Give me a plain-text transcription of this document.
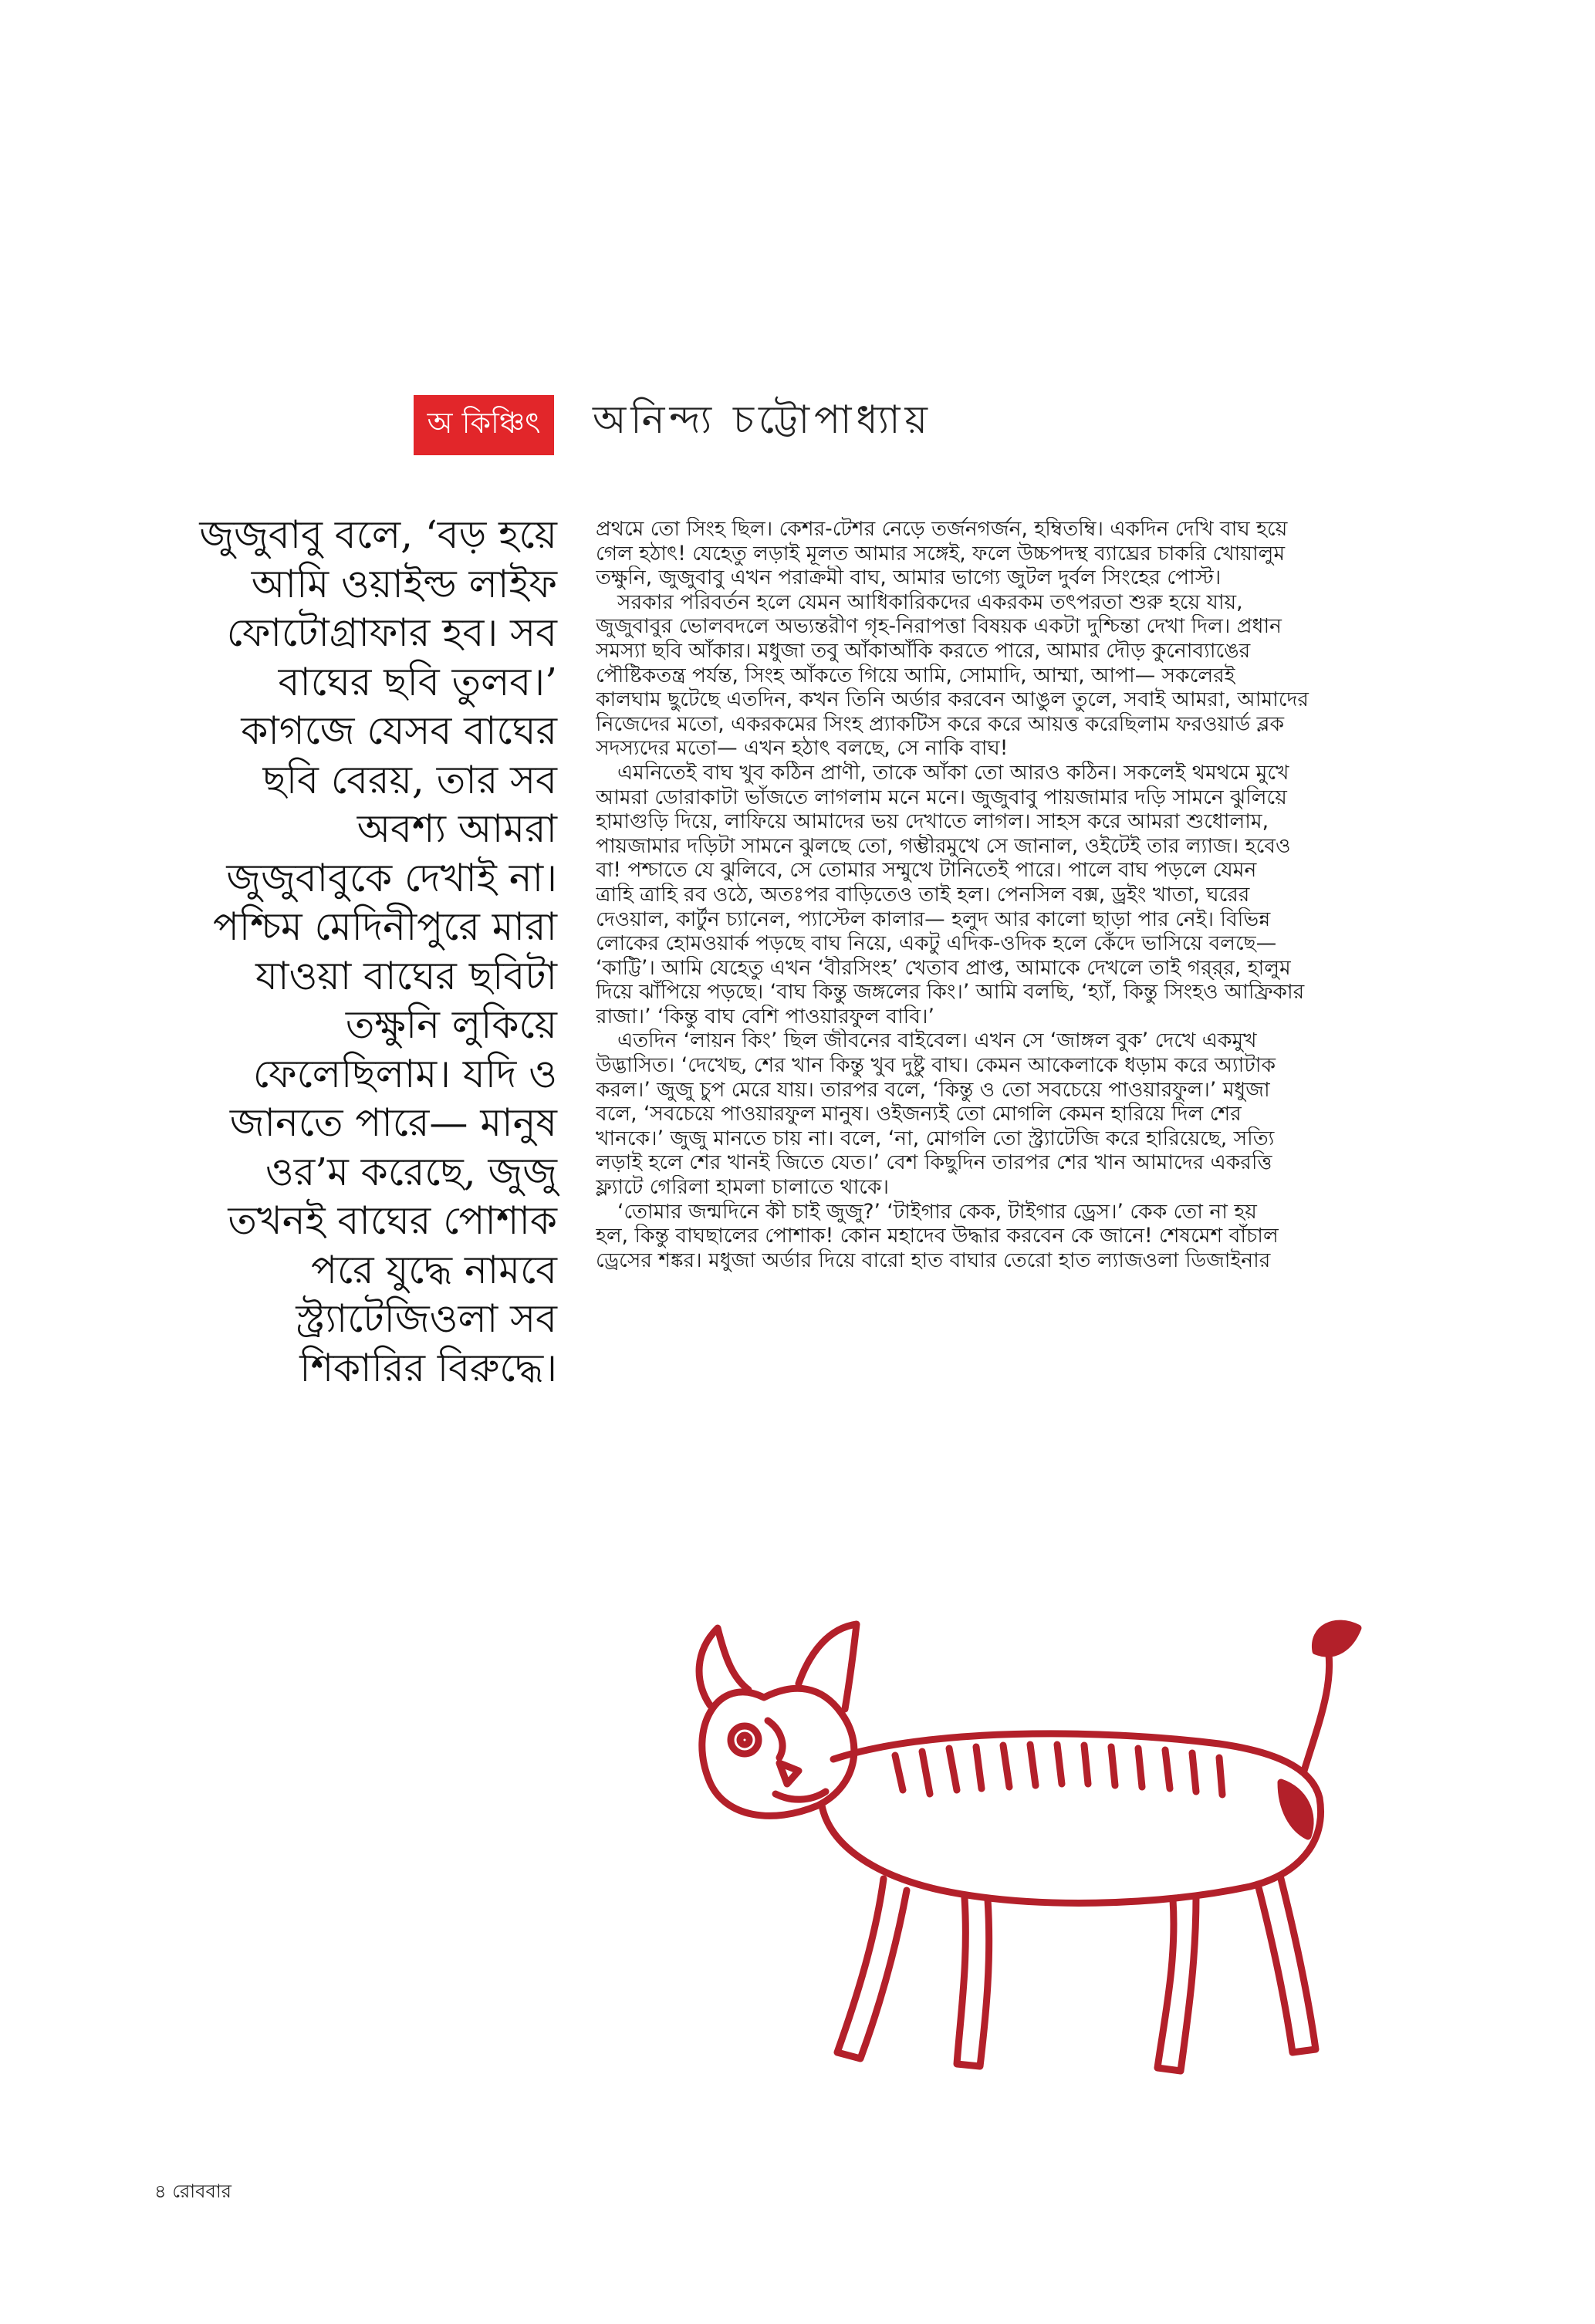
অ কিঞ্চিৎ	অনিন্দ্য চট্টোপাধ্যায়
জুজুবাবু বলে, ‘বড় হয়ে
আমি ওয়াইল্ড লাইফ
ফোটোগ্রাফার হব। সব
বাঘের ছবি তুলব।’
কাগজে যেসব বাঘের
ছবি বেরয়, তার সব
অবশ্য আমরা
জুজুবাবুকে দেখাই না।
পশ্চিম মেদিনীপুরে মারা
যাওয়া বাঘের ছবিটা
তক্ষুনি লুকিয়ে
ফেলেছিলাম। যদি ও
জানতে পারে— মানুষ
ওর’ম করেছে, জুজু
তখনই বাঘের পোশাক
পরে যুদ্ধে নামবে
স্ট্র্যাটেজিওলা সব
শিকারির বিরুদ্ধে।
প্রথমে তো সিংহ ছিল। কেশর-টেশর নেড়ে তর্জনগর্জন, হম্বিতম্বি। একদিন দেখি বাঘ হয়ে
গেল হঠাৎ! যেহেতু লড়াই মূলত আমার সঙ্গেই, ফলে উচ্চপদস্থ ব্যাঘ্রের চাকরি খোয়ালুম
তক্ষুনি, জুজুবাবু এখন পরাক্রমী বাঘ, আমার ভাগ্যে জুটল দুর্বল সিংহের পোস্ট।
সরকার পরিবর্তন হলে যেমন আধিকারিকদের একরকম তৎপরতা শুরু হয়ে যায়,
জুজুবাবুর ভোলবদলে অভ্যন্তরীণ গৃহ-নিরাপত্তা বিষয়ক একটা দুশ্চিন্তা দেখা দিল। প্রধান
সমস্যা ছবি আঁকার। মধুজা তবু আঁকাআঁকি করতে পারে, আমার দৌড় কুনোব্যাঙের
পৌষ্টিকতন্ত্র পর্যন্ত, সিংহ আঁকতে গিয়ে আমি, সোমাদি, আম্মা, আপা— সকলেরই
কালঘাম ছুটেছে এতদিন, কখন তিনি অর্ডার করবেন আঙুল তুলে, সবাই আমরা, আমাদের
নিজেদের মতো, একরকমের সিংহ প্র্যাকটিস করে করে আয়ত্ত করেছিলাম ফরওয়ার্ড ব্লক
সদস্যদের মতো— এখন হঠাৎ বলছে, সে নাকি বাঘ!
এমনিতেই বাঘ খুব কঠিন প্রাণী, তাকে আঁকা তো আরও কঠিন। সকলেই থমথমে মুখে
আমরা ডোরাকাটা ভাঁজতে লাগলাম মনে মনে। জুজুবাবু পায়জামার দড়ি সামনে ঝুলিয়ে
হামাগুড়ি দিয়ে, লাফিয়ে আমাদের ভয় দেখাতে লাগল। সাহস করে আমরা শুধোলাম,
পায়জামার দড়িটা সামনে ঝুলছে তো, গম্ভীরমুখে সে জানাল, ওইটেই তার ল্যাজ। হবেও
বা! পশ্চাতে যে ঝুলিবে, সে তোমার সম্মুখে টানিতেই পারে। পালে বাঘ পড়লে যেমন
ত্রাহি ত্রাহি রব ওঠে, অতঃপর বাড়িতেও তাই হল। পেনসিল বক্স, ড্রইং খাতা, ঘরের
দেওয়াল, কার্টুন চ্যানেল, প্যাস্টেল কালার— হলুদ আর কালো ছাড়া পার নেই। বিভিন্ন
লোকের হোমওয়ার্ক পড়ছে বাঘ নিয়ে, একটু এদিক-ওদিক হলে কেঁদে ভাসিয়ে বলছে—
‘কাট্টি’। আমি যেহেতু এখন ‘বীরসিংহ’ খেতাব প্রাপ্ত, আমাকে দেখলে তাই গর্‌র্‌র, হালুম
দিয়ে ঝাঁপিয়ে পড়ছে। ‘বাঘ কিন্তু জঙ্গলের কিং।’ আমি বলছি, ‘হ্যাঁ, কিন্তু সিংহও আফ্রিকার
রাজা।’ ‘কিন্তু বাঘ বেশি পাওয়ারফুল বাবি।’
এতদিন ‘লায়ন কিং’ ছিল জীবনের বাইবেল। এখন সে ‘জাঙ্গল বুক’ দেখে একমুখ
উদ্ভাসিত। ‘দেখেছ, শের খান কিন্তু খুব দুষ্টু বাঘ। কেমন আকেলাকে ধড়াম করে অ্যাটাক
করল।’ জুজু চুপ মেরে যায়। তারপর বলে, ‘কিন্তু ও তো সবচেয়ে পাওয়ারফুল।’ মধুজা
বলে, ‘সবচেয়ে পাওয়ারফুল মানুষ। ওইজন্যই তো মোগলি কেমন হারিয়ে দিল শের
খানকে।’ জুজু মানতে চায় না। বলে, ‘না, মোগলি তো স্ট্র্যাটেজি করে হারিয়েছে, সত্যি
লড়াই হলে শের খানই জিতে যেত।’ বেশ কিছুদিন তারপর শের খান আমাদের একরত্তি
ফ্ল্যাটে গেরিলা হামলা চালাতে থাকে।
‘তোমার জন্মদিনে কী চাই জুজু?’ ‘টাইগার কেক, টাইগার ড্রেস।’ কেক তো না হয়
হল, কিন্তু বাঘছালের পোশাক! কোন মহাদেব উদ্ধার করবেন কে জানে! শেষমেশ বাঁচাল
ড্রেসের শঙ্কর। মধুজা অর্ডার দিয়ে বারো হাত বাঘার তেরো হাত ল্যাজওলা ডিজাইনার
৪ রোববার
